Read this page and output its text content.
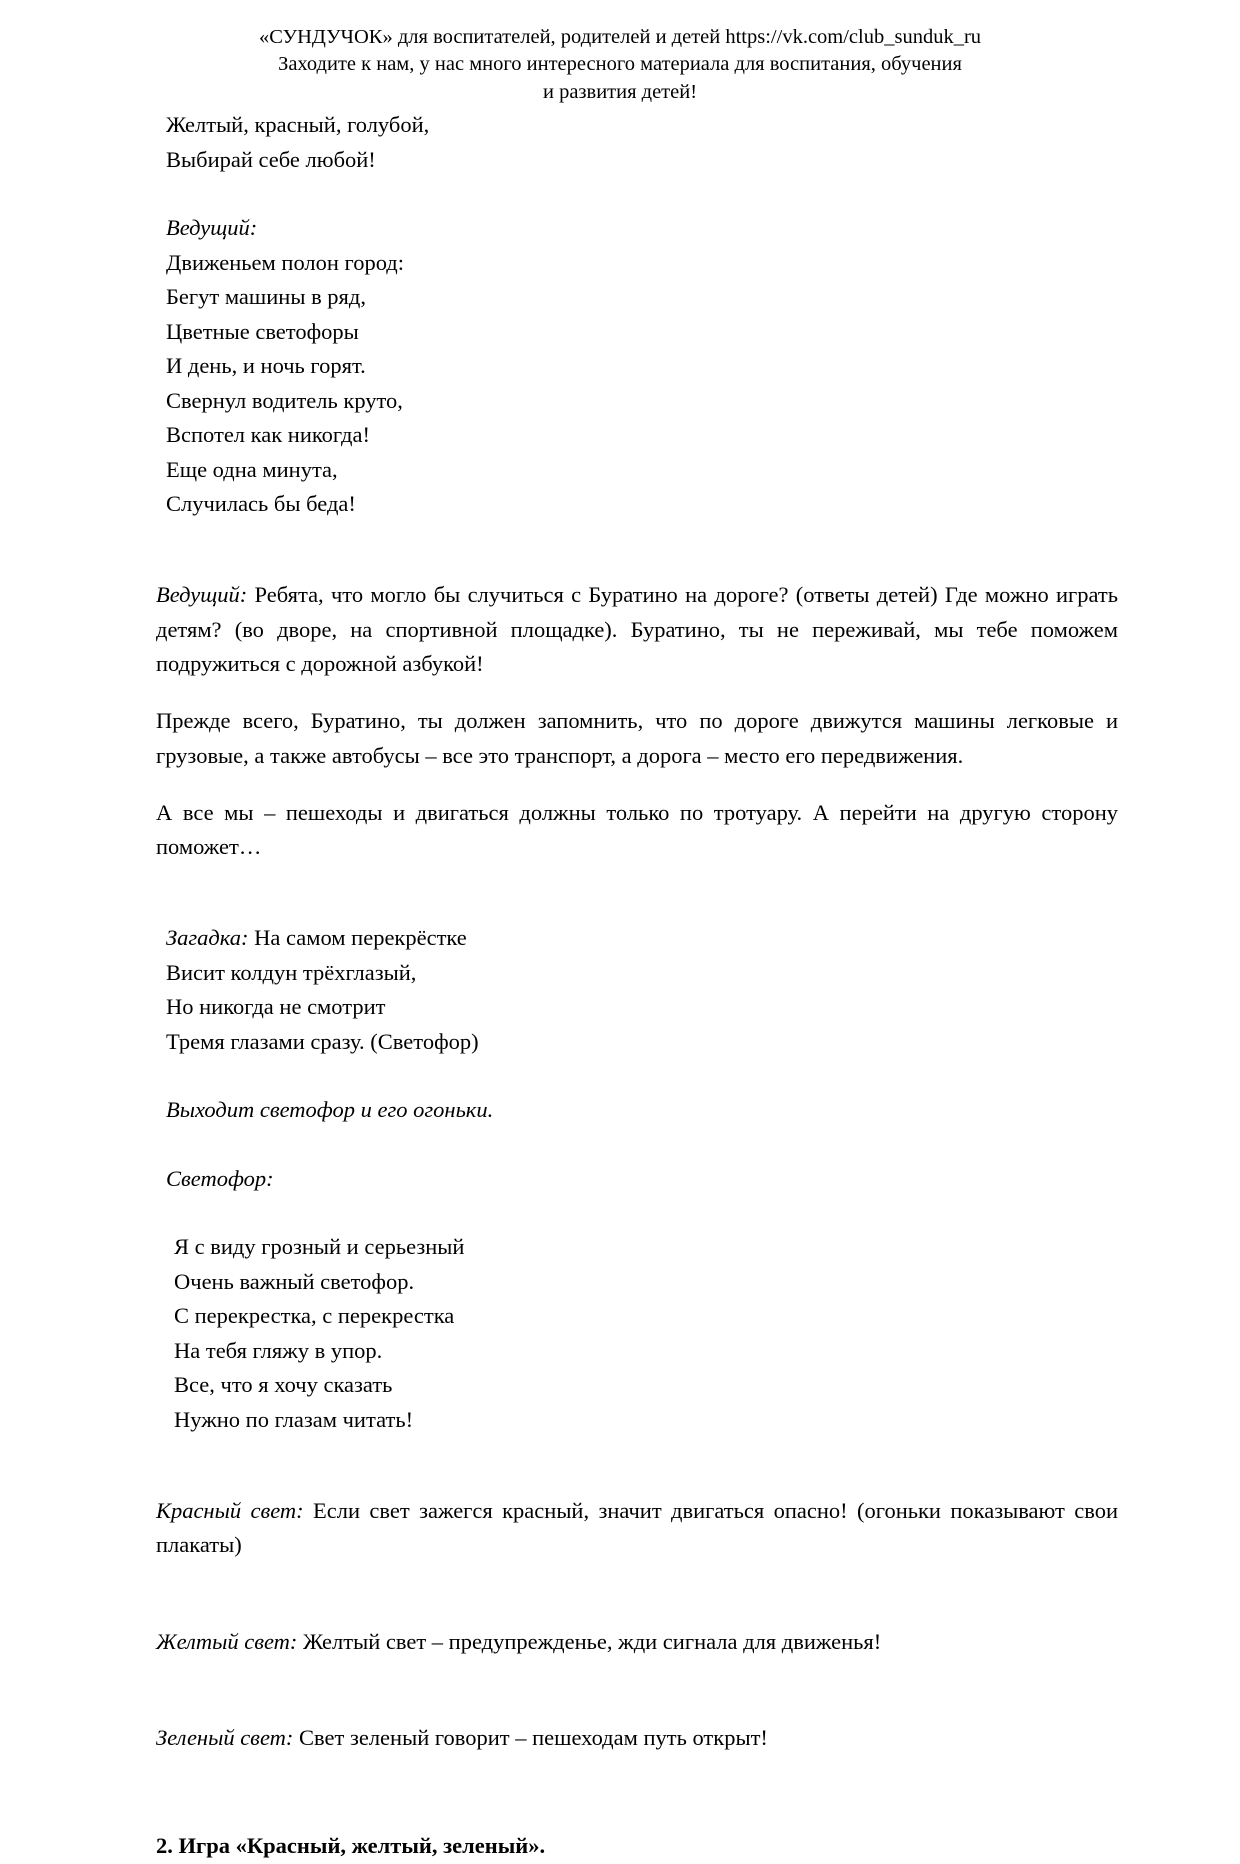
«СУНДУЧОК» для воспитателей, родителей и детей https://vk.com/club_sunduk_ru
Заходите к нам, у нас много интересного материала для воспитания, обучения
и развития детей!
Желтый, красный, голубой,
Выбирай себе любой!
Ведущий:
Движеньем полон город:
Бегут машины в ряд,
Цветные светофоры
И день, и ночь горят.
Свернул водитель круто,
Вспотел как никогда!
Еще одна минута,
Случилась бы беда!

Ведущий: Ребята, что могло бы случиться с Буратино на дороге? (ответы детей) Где можно играть детям? (во дворе, на спортивной площадке). Буратино, ты не переживай, мы тебе поможем подружиться с дорожной азбукой!

Прежде всего, Буратино, ты должен запомнить, что по дороге движутся машины легковые и грузовые, а также автобусы – все это транспорт, а дорога – место его передвижения.

А все мы – пешеходы и двигаться должны только по тротуару. А перейти на другую сторону поможет…

Загадка: На самом перекрёстке
Висит колдун трёхглазый,
Но никогда не смотрит
Тремя глазами сразу. (Светофор)
Выходит светофор и его огоньки.
Светофор:
Я с виду грозный и серьезный
Очень важный светофор.
С перекрестка, с перекрестка
На тебя гляжу в упор.
Все, что я хочу сказать
Нужно по глазам читать!

Красный свет: Если свет зажегся красный, значит двигаться опасно! (огоньки показывают свои плакаты)

Желтый свет: Желтый свет – предупрежденье, жди сигнала для движенья!

Зеленый свет: Свет зеленый говорит – пешеходам путь открыт!

2. Игра «Красный, желтый, зеленый».
